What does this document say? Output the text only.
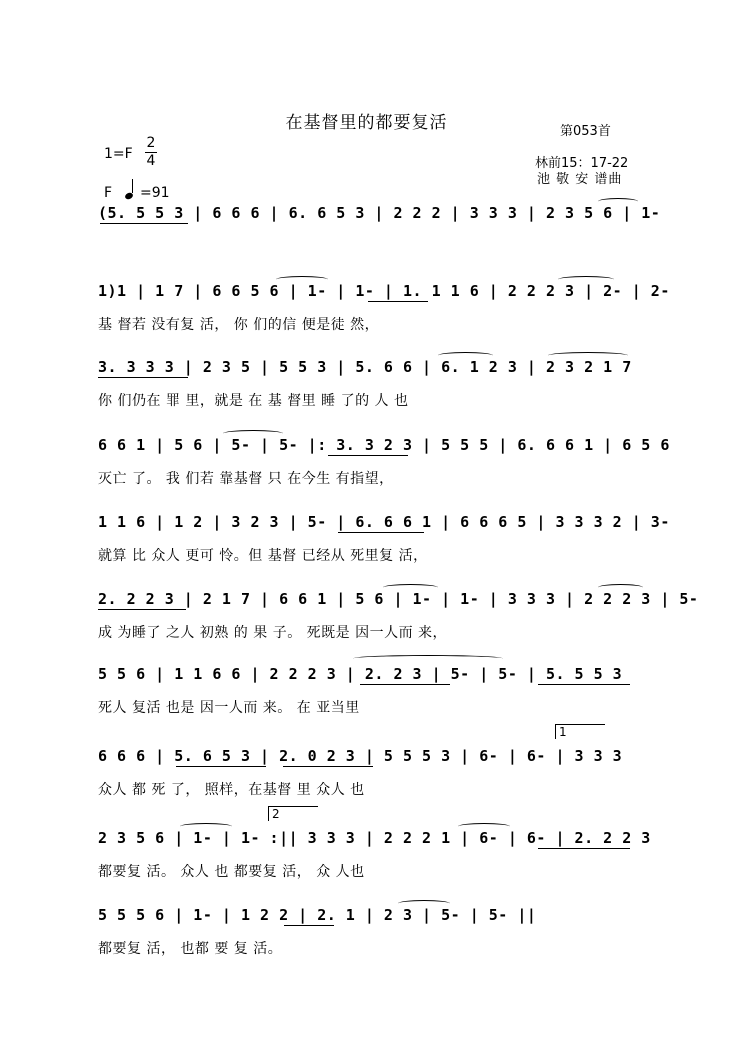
在基督里的都要复活	第053首
林前15：17-22
池 敬 安 谱曲
1=F
2
4
F =91
(5. 5 5 3 | 6 6 6 | 6. 6 5 3 | 2 2 2 | 3 3 3 | 2 3 5 6 | 1-
1)1 | 1 7 | 6 6 5 6 | 1- | 1- | 1. 1 1 6 | 2 2 2 3 | 2- | 2-
基 督若 没有复 活， 你 们的信 便是徒 然，
3. 3 3 3 | 2 3 5 | 5 5 3 | 5. 6 6 | 6. 1 2 3 | 2 3 2 1 7
你 们仍在 罪 里，就是 在 基 督里 睡 了的 人 也
6 6 1 | 5 6 | 5- | 5- |: 3. 3 2 3 | 5 5 5 | 6. 6 6 1 | 6 5 6
灭亡 了。 我 们若 靠基督 只 在今生 有指望，
1 1 6 | 1 2 | 3 2 3 | 5- | 6. 6 6 1 | 6 6 6 5 | 3 3 3 2 | 3-
就算 比 众人 更可 怜。但 基督 已经从 死里复 活，
2. 2 2 3 | 2 1 7 | 6 6 1 | 5 6 | 1- | 1- | 3 3 3 | 2 2 2 3 | 5-
成 为睡了 之人 初熟 的 果 子。 死既是 因一人而 来，
5 5 6 | 1 1 6 6 | 2 2 2 3 | 2. 2 3 | 5- | 5- | 5. 5 5 3
死人 复活 也是 因一人而 来。 在 亚当里
1
6 6 6 | 5. 6 5 3 | 2. 0 2 3 | 5 5 5 3 | 6- | 6- | 3 3 3
众人 都 死 了， 照样，在基督 里 众人 也
2
2 3 5 6 | 1- | 1- :|| 3 3 3 | 2 2 2 1 | 6- | 6- | 2. 2 2 3
都要复 活。 众人 也 都要复 活， 众 人也
5 5 5 6 | 1- | 1 2 2 | 2. 1 | 2 3 | 5- | 5- ||
都要复 活， 也都 要 复 活。
